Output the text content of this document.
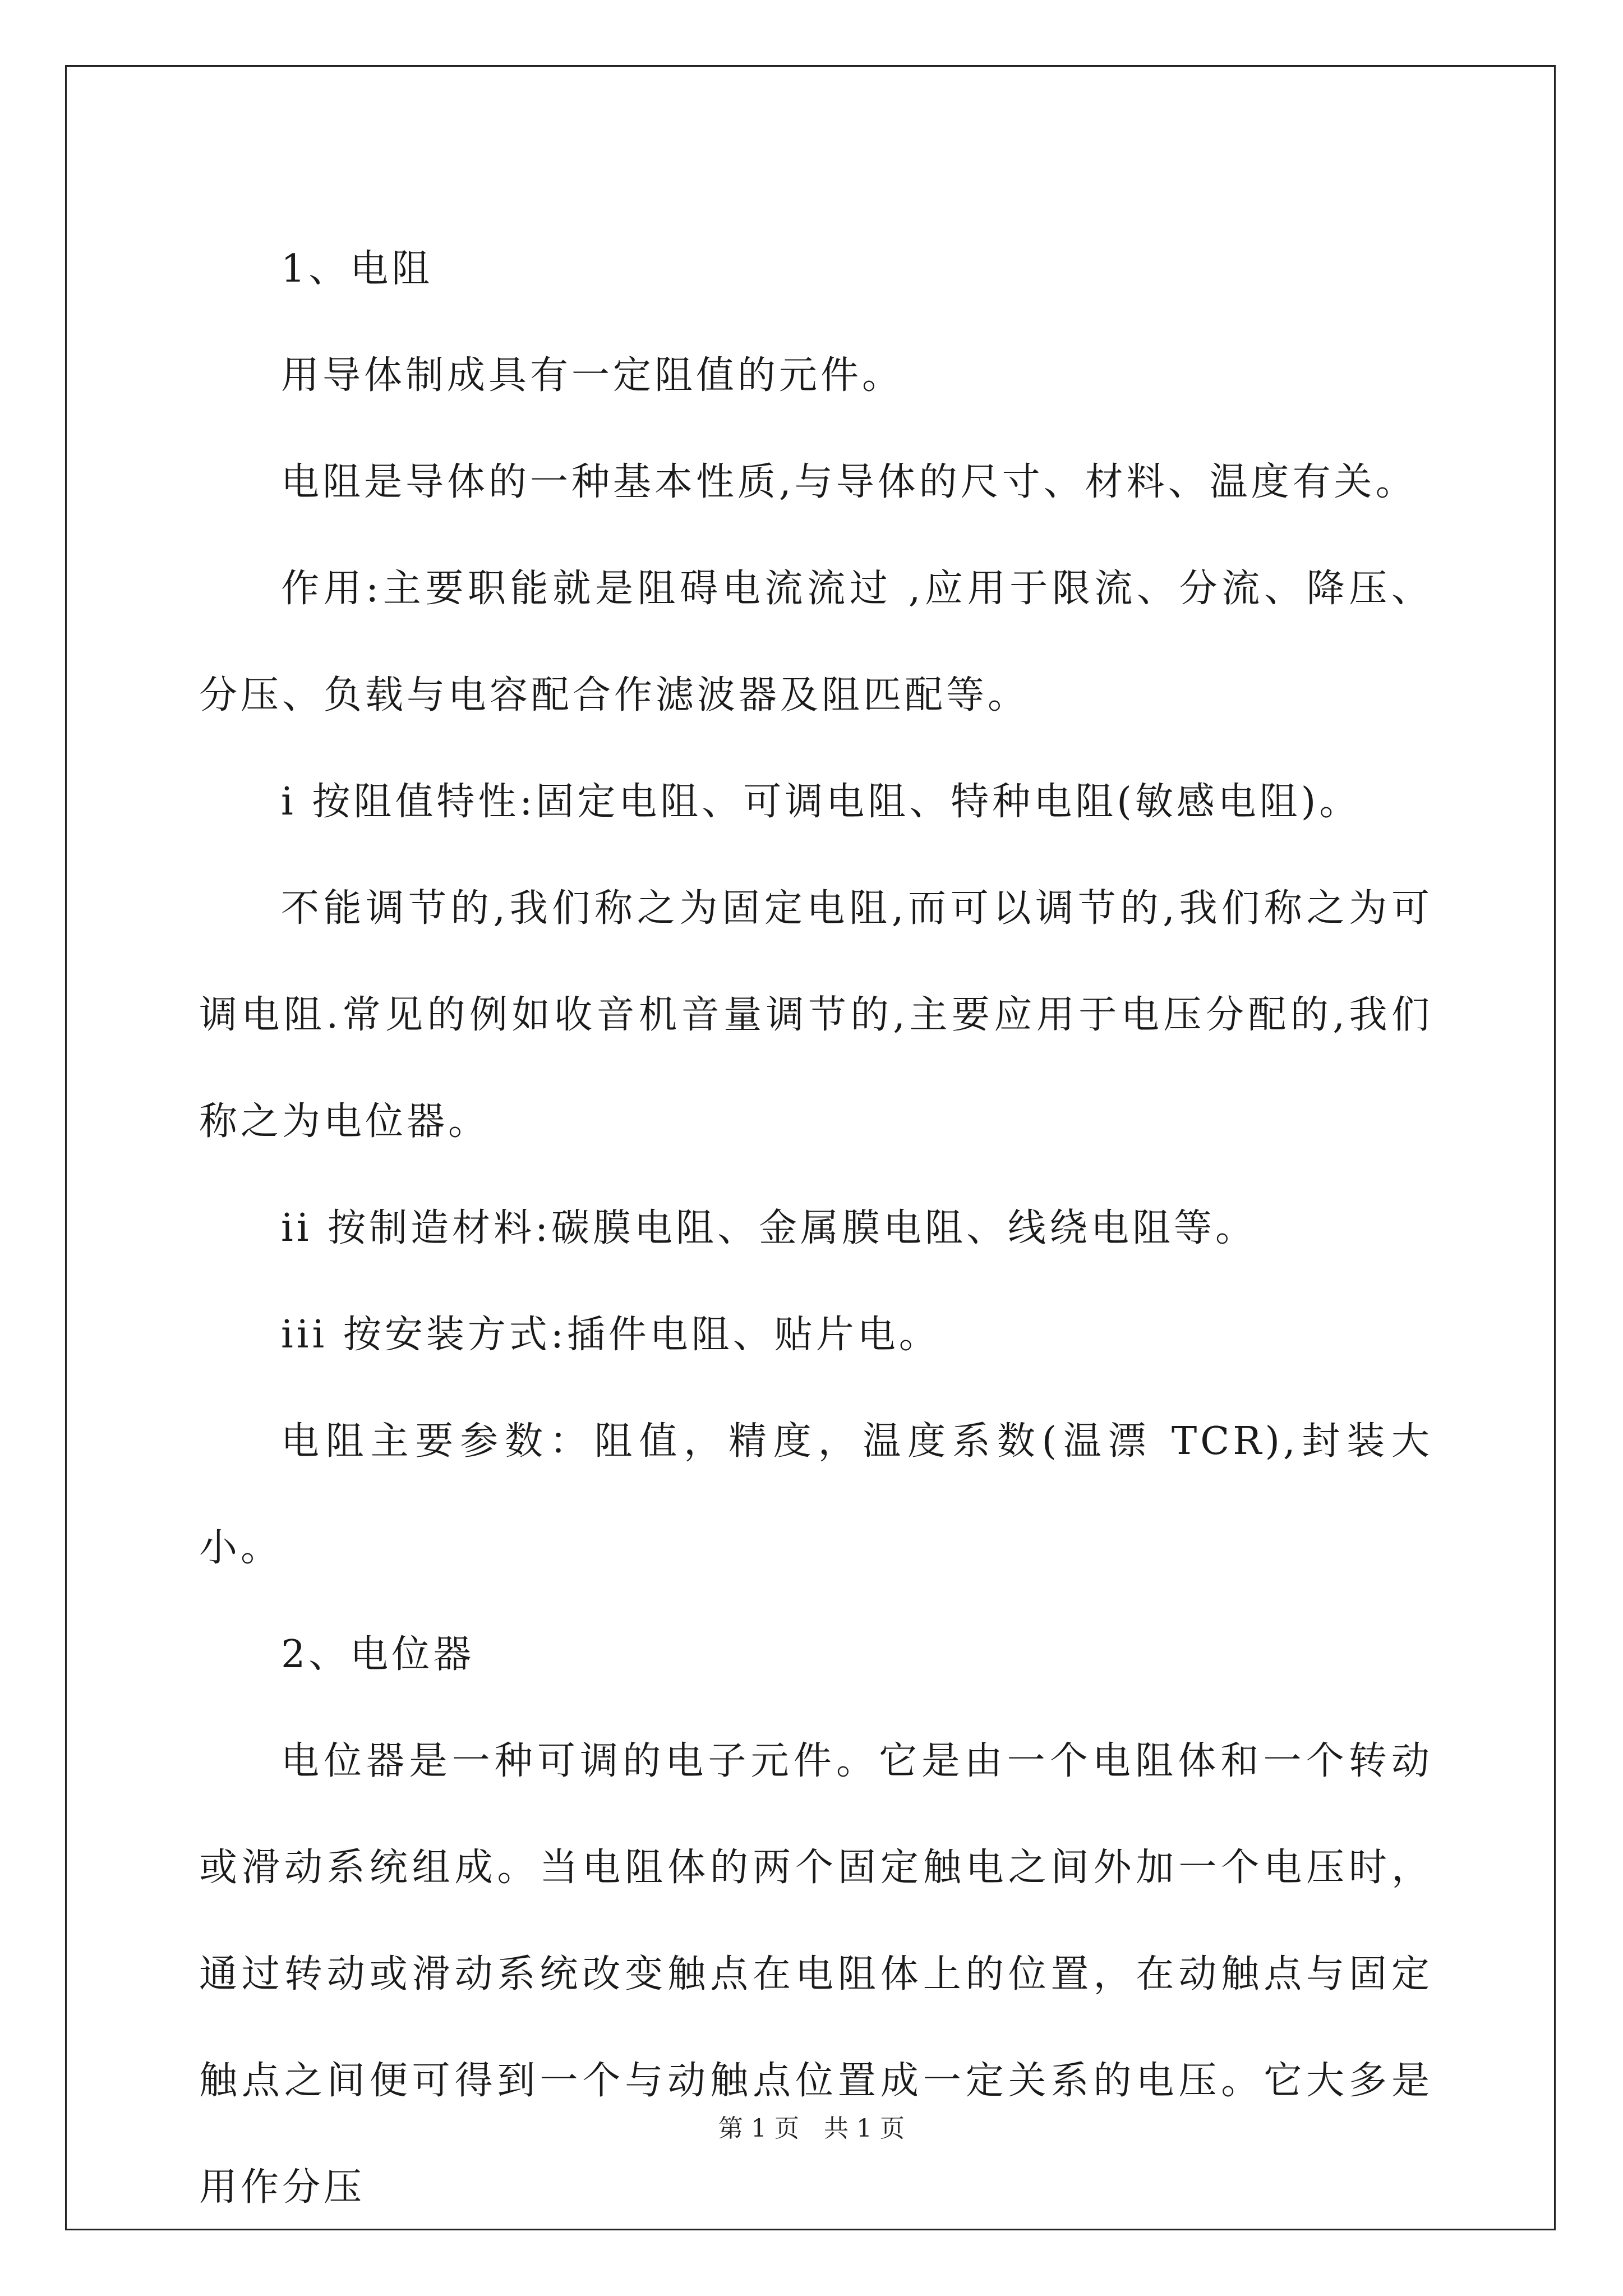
1、电阻

用导体制成具有一定阻值的元件。

电阻是导体的一种基本性质,与导体的尺寸、材料、温度有关。

作用:主要职能就是阻碍电流流过 ,应用于限流、分流、降压、分压、负载与电容配合作滤波器及阻匹配等。

i 按阻值特性:固定电阻、可调电阻、特种电阻(敏感电阻)。

不能调节的,我们称之为固定电阻,而可以调节的,我们称之为可调电阻.常见的例如收音机音量调节的,主要应用于电压分配的,我们称之为电位器。

ii 按制造材料:碳膜电阻、金属膜电阻、线绕电阻等。

iii 按安装方式:插件电阻、贴片电。

电阻主要参数：阻值，精度，温度系数(温漂 TCR),封装大小。

2、电位器

电位器是一种可调的电子元件。它是由一个电阻体和一个转动或滑动系统组成。当电阻体的两个固定触电之间外加一个电压时，通过转动或滑动系统改变触点在电阻体上的位置，在动触点与固定触点之间便可得到一个与动触点位置成一定关系的电压。它大多是用作分压

第 1 页　共 1 页
